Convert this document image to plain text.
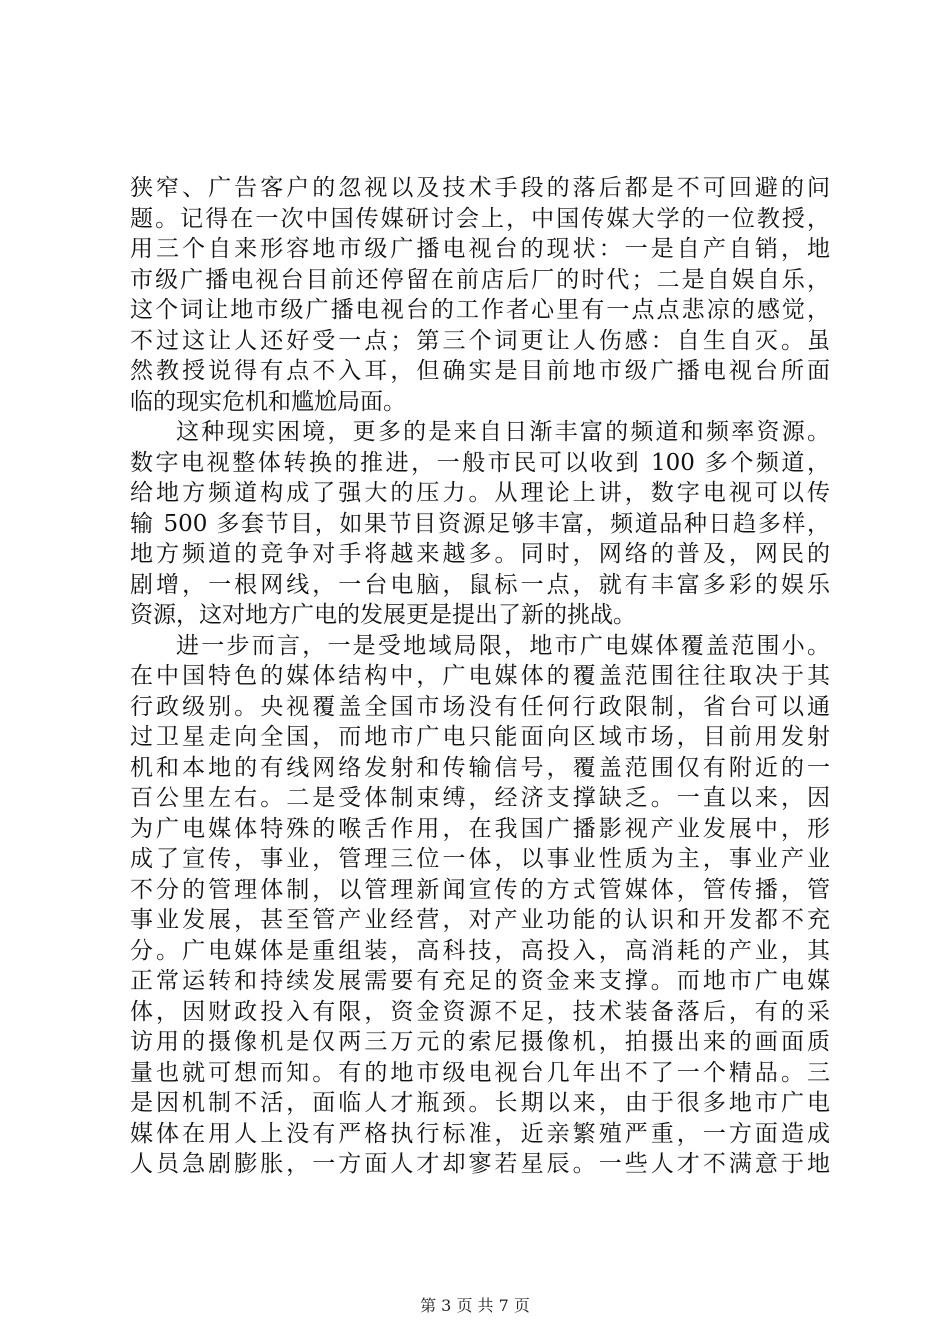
狭窄、广告客户的忽视以及技术手段的落后都是不可回避的问
题。记得在一次中国传媒研讨会上，中国传媒大学的一位教授，
用三个自来形容地市级广播电视台的现状：一是自产自销，地
市级广播电视台目前还停留在前店后厂的时代；二是自娱自乐，
这个词让地市级广播电视台的工作者心里有一点点悲凉的感觉，
不过这让人还好受一点；第三个词更让人伤感：自生自灭。虽
然教授说得有点不入耳，但确实是目前地市级广播电视台所面
临的现实危机和尴尬局面。
这种现实困境，更多的是来自日渐丰富的频道和频率资源。
数字电视整体转换的推进，一般市民可以收到 100 多个频道，
给地方频道构成了强大的压力。从理论上讲，数字电视可以传
输 500 多套节目，如果节目资源足够丰富，频道品种日趋多样，
地方频道的竞争对手将越来越多。同时，网络的普及，网民的
剧增，一根网线，一台电脑，鼠标一点，就有丰富多彩的娱乐
资源，这对地方广电的发展更是提出了新的挑战。
进一步而言，一是受地域局限，地市广电媒体覆盖范围小。
在中国特色的媒体结构中，广电媒体的覆盖范围往往取决于其
行政级别。央视覆盖全国市场没有任何行政限制，省台可以通
过卫星走向全国，而地市广电只能面向区域市场，目前用发射
机和本地的有线网络发射和传输信号，覆盖范围仅有附近的一
百公里左右。二是受体制束缚，经济支撑缺乏。一直以来，因
为广电媒体特殊的喉舌作用，在我国广播影视产业发展中，形
成了宣传，事业，管理三位一体，以事业性质为主，事业产业
不分的管理体制，以管理新闻宣传的方式管媒体，管传播，管
事业发展，甚至管产业经营，对产业功能的认识和开发都不充
分。广电媒体是重组装，高科技，高投入，高消耗的产业，其
正常运转和持续发展需要有充足的资金来支撑。而地市广电媒
体，因财政投入有限，资金资源不足，技术装备落后，有的采
访用的摄像机是仅两三万元的索尼摄像机，拍摄出来的画面质
量也就可想而知。有的地市级电视台几年出不了一个精品。三
是因机制不活，面临人才瓶颈。长期以来，由于很多地市广电
媒体在用人上没有严格执行标准，近亲繁殖严重，一方面造成
人员急剧膨胀，一方面人才却寥若星辰。一些人才不满意于地
第 3 页 共 7 页
